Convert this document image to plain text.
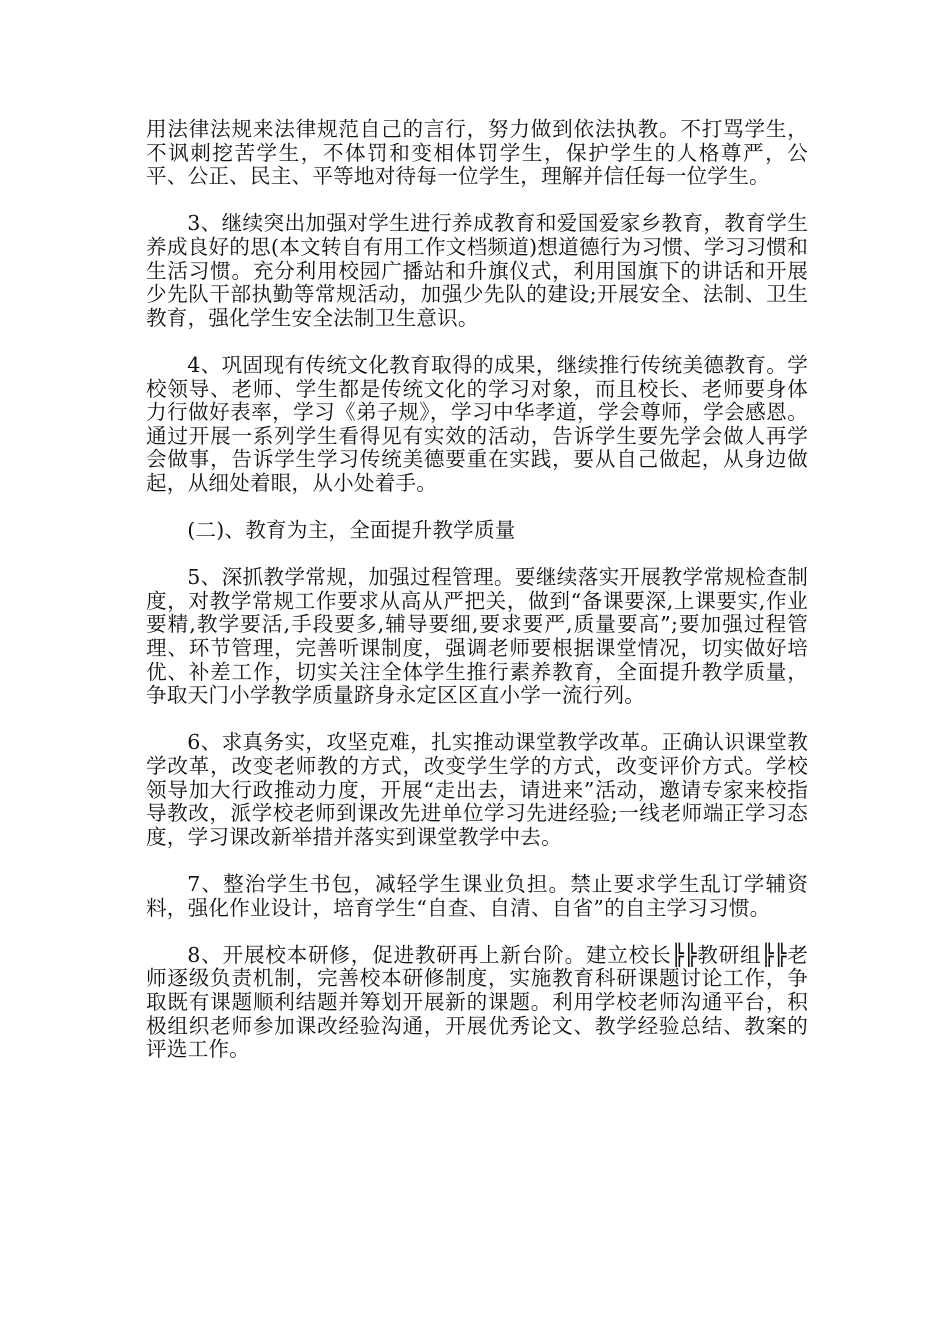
用法律法规来法律规范自己的言行，努力做到依法执教。不打骂学生，不讽刺挖苦学生，不体罚和变相体罚学生，保护学生的人格尊严，公平、公正、民主、平等地对待每一位学生，理解并信任每一位学生。

3、继续突出加强对学生进行养成教育和爱国爱家乡教育，教育学生养成良好的思(本文转自有用工作文档频道)想道德行为习惯、学习习惯和生活习惯。充分利用校园广播站和升旗仪式，利用国旗下的讲话和开展少先队干部执勤等常规活动，加强少先队的建设;开展安全、法制、卫生教育，强化学生安全法制卫生意识。

4、巩固现有传统文化教育取得的成果，继续推行传统美德教育。学校领导、老师、学生都是传统文化的学习对象，而且校长、老师要身体力行做好表率，学习《弟子规》，学习中华孝道，学会尊师，学会感恩。通过开展一系列学生看得见有实效的活动，告诉学生要先学会做人再学会做事，告诉学生学习传统美德要重在实践，要从自己做起，从身边做起，从细处着眼，从小处着手。

(二)、教育为主，全面提升教学质量

5、深抓教学常规，加强过程管理。要继续落实开展教学常规检查制度，对教学常规工作要求从高从严把关，做到“备课要深,上课要实,作业要精,教学要活,手段要多,辅导要细,要求要严,质量要高”;要加强过程管理、环节管理，完善听课制度，强调老师要根据课堂情况，切实做好培优、补差工作，切实关注全体学生推行素养教育，全面提升教学质量，争取天门小学教学质量跻身永定区区直小学一流行列。

6、求真务实，攻坚克难，扎实推动课堂教学改革。正确认识课堂教学改革，改变老师教的方式，改变学生学的方式，改变评价方式。学校领导加大行政推动力度，开展“走出去，请进来”活动，邀请专家来校指导教改，派学校老师到课改先进单位学习先进经验;一线老师端正学习态度，学习课改新举措并落实到课堂教学中去。

7、整治学生书包，减轻学生课业负担。禁止要求学生乱订学辅资料，强化作业设计，培育学生“自查、自清、自省”的自主学习习惯。

8、开展校本研修，促进教研再上新台阶。建立校长╠╠教研组╠╠老师逐级负责机制，完善校本研修制度，实施教育科研课题讨论工作，争取既有课题顺利结题并筹划开展新的课题。利用学校老师沟通平台，积极组织老师参加课改经验沟通，开展优秀论文、教学经验总结、教案的评选工作。
